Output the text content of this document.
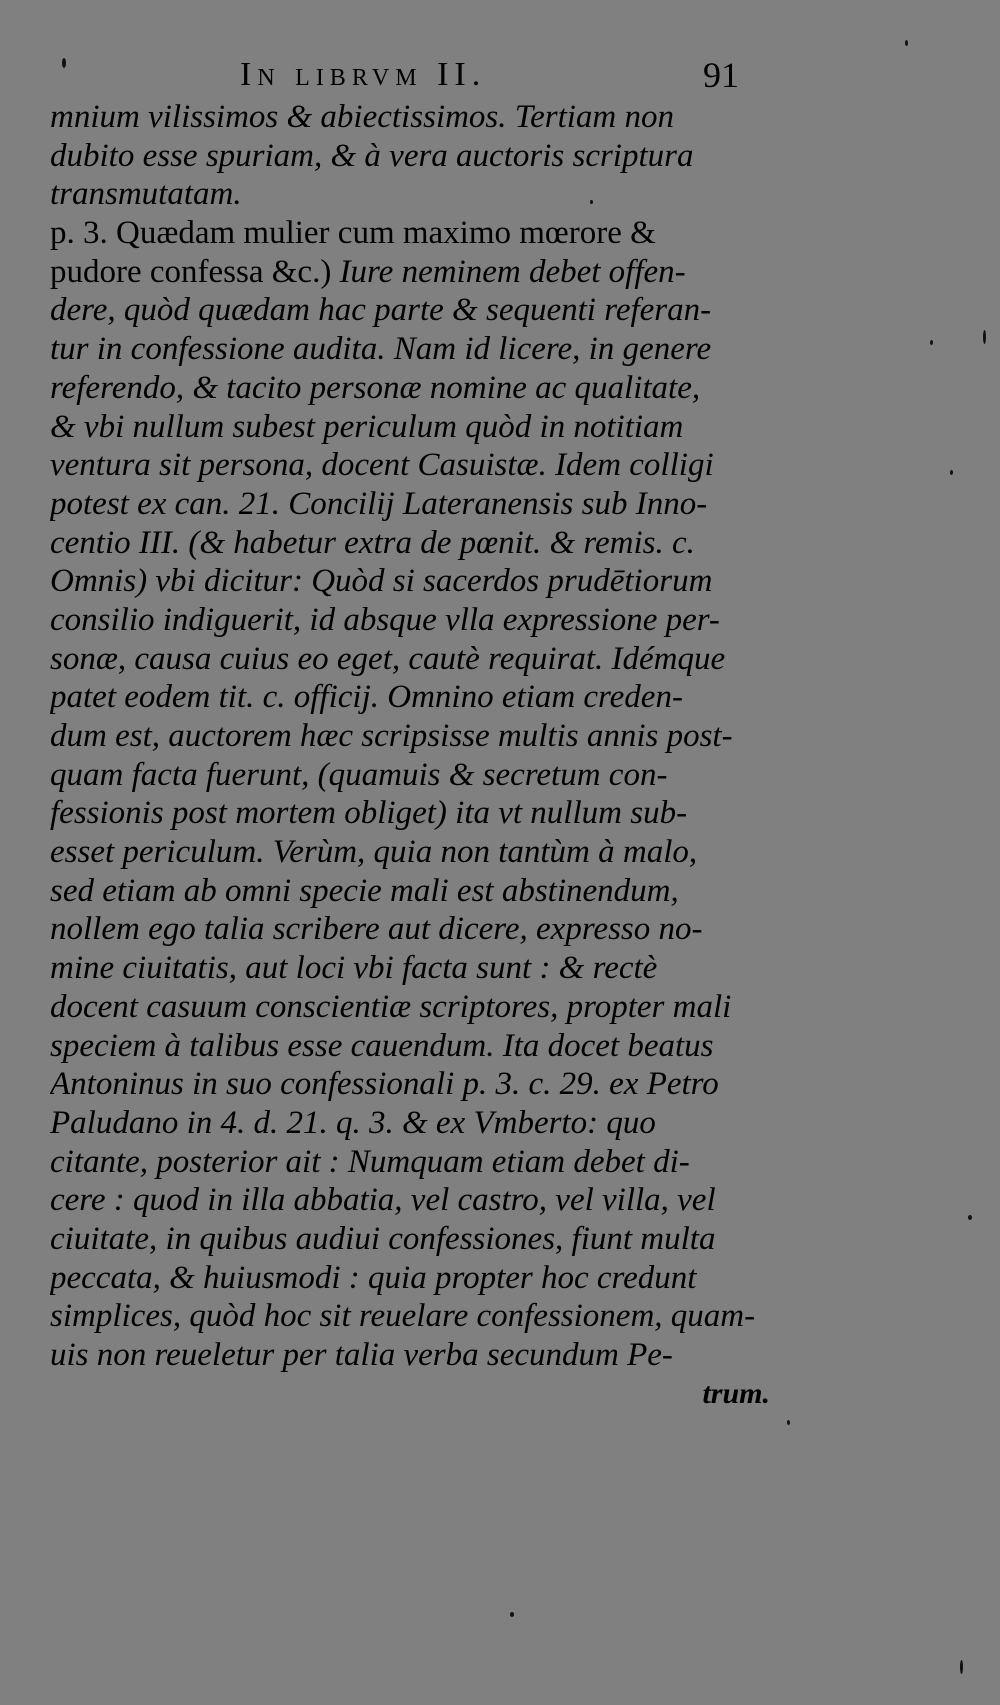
In librvm II.	91
mnium vilissimos & abiectissimos. Tertiam non
dubito esse spuriam, & à vera auctoris scriptura
transmutatam.
p. 3. Quædam mulier cum maximo mœrore &
pudore confessa &c.) Iure neminem debet offen-
dere, quòd quædam hac parte & sequenti referan-
tur in confessione audita. Nam id licere, in genere
referendo, & tacito personæ nomine ac qualitate,
& vbi nullum subest periculum quòd in notitiam
ventura sit persona, docent Casuistæ. Idem colligi
potest ex can. 21. Concilij Lateranensis sub Inno-
centio III. (& habetur extra de pœnit. & remis. c.
Omnis) vbi dicitur: Quòd si sacerdos prudētiorum
consilio indiguerit, id absque vlla expressione per-
sonæ, causa cuius eo eget, cautè requirat. Idémque
patet eodem tit. c. officij. Omnino etiam creden-
dum est, auctorem hæc scripsisse multis annis post-
quam facta fuerunt, (quamuis & secretum con-
fessionis post mortem obliget) ita vt nullum sub-
esset periculum. Verùm, quia non tantùm à malo,
sed etiam ab omni specie mali est abstinendum,
nollem ego talia scribere aut dicere, expresso no-
mine ciuitatis, aut loci vbi facta sunt : & rectè
docent casuum conscientiæ scriptores, propter mali
speciem à talibus esse cauendum. Ita docet beatus
Antoninus in suo confessionali p. 3. c. 29. ex Petro
Paludano in 4. d. 21. q. 3. & ex Vmberto: quo
citante, posterior ait : Numquam etiam debet di-
cere : quod in illa abbatia, vel castro, vel villa, vel
ciuitate, in quibus audiui confessiones, fiunt multa
peccata, & huiusmodi : quia propter hoc credunt
simplices, quòd hoc sit reuelare confessionem, quam-
uis non reueletur per talia verba secundum Pe-
trum.
